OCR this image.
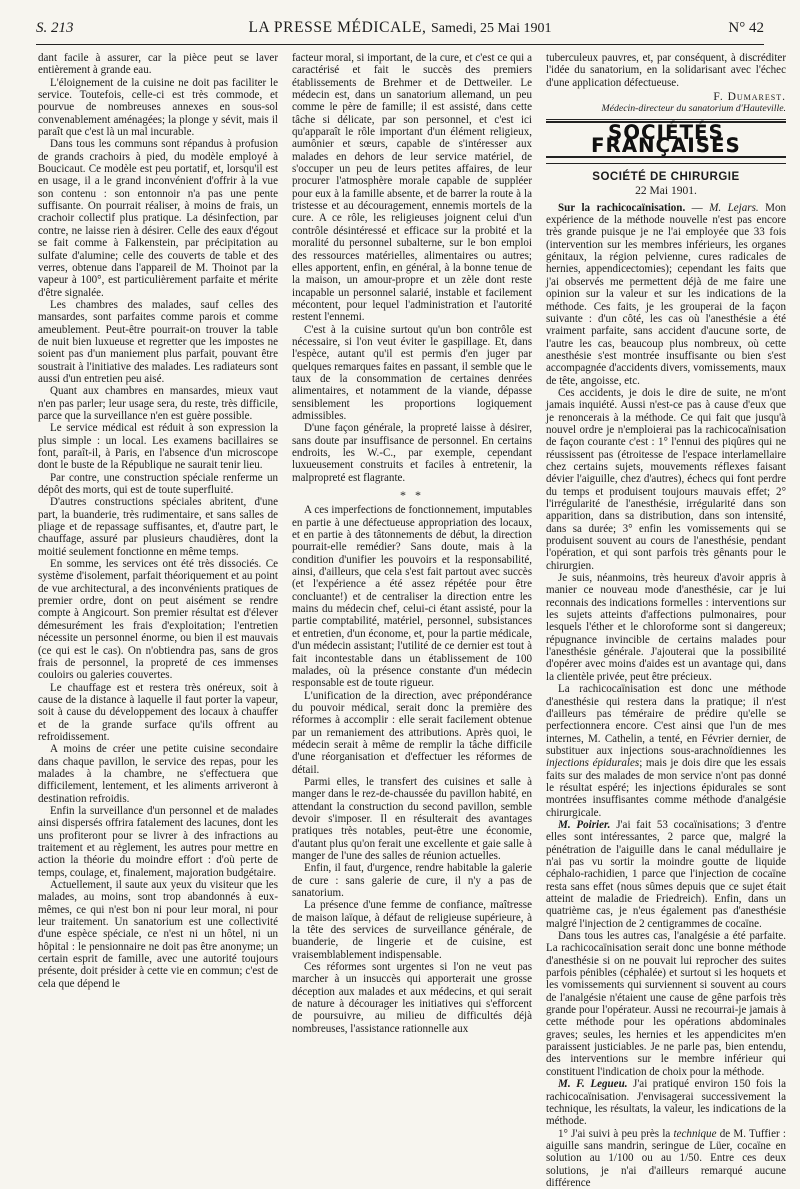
S. 213	LA PRESSE MÉDICALE, Samedi, 25 Mai 1901	N° 42

dant facile à assurer, car la pièce peut se laver entièrement à grande eau.

L'éloignement de la cuisine ne doit pas faciliter le service. Toutefois, celle-ci est très commode, et pourvue de nombreuses annexes en sous-sol convenablement aménagées; la plonge y sévit, mais il paraît que c'est là un mal incurable.

Dans tous les communs sont répandus à profusion de grands crachoirs à pied, du modèle employé à Boucicaut. Ce modèle est peu portatif, et, lorsqu'il est en usage, il a le grand inconvénient d'offrir à la vue son contenu : son entonnoir n'a pas une pente suffisante. On pourrait réaliser, à moins de frais, un crachoir collectif plus pratique. La désinfection, par contre, ne laisse rien à désirer. Celle des eaux d'égout se fait comme à Falkenstein, par précipitation au sulfate d'alumine; celle des couverts de table et des verres, obtenue dans l'appareil de M. Thoinot par la vapeur à 100°, est particulièrement parfaite et mérite d'être signalée.

Les chambres des malades, sauf celles des mansardes, sont parfaites comme parois et comme ameublement. Peut-être pourrait-on trouver la table de nuit bien luxueuse et regretter que les impostes ne soient pas d'un maniement plus parfait, pouvant être soustrait à l'initiative des malades. Les radiateurs sont aussi d'un entretien peu aisé.

Quant aux chambres en mansardes, mieux vaut n'en pas parler; leur usage sera, du reste, très difficile, parce que la surveillance n'en est guère possible.

Le service médical est réduit à son expression la plus simple : un local. Les examens bacillaires se font, paraît-il, à Paris, en l'absence d'un microscope dont le buste de la République ne saurait tenir lieu.

Par contre, une construction spéciale renferme un dépôt des morts, qui est de toute superfluité.

D'autres constructions spéciales abritent, d'une part, la buanderie, très rudimentaire, et sans salles de pliage et de repassage suffisantes, et, d'autre part, le chauffage, assuré par plusieurs chaudières, dont la moitié seulement fonctionne en même temps.

En somme, les services ont été très dissociés. Ce système d'isolement, parfait théoriquement et au point de vue architectural, a des inconvénients pratiques de premier ordre, dont on peut aisément se rendre compte à Angicourt. Son premier résultat est d'élever démesurément les frais d'exploitation; l'entretien nécessite un personnel énorme, ou bien il est mauvais (ce qui est le cas). On n'obtiendra pas, sans de gros frais de personnel, la propreté de ces immenses couloirs ou galeries couvertes.

Le chauffage est et restera très onéreux, soit à cause de la distance à laquelle il faut porter la vapeur, soit à cause du développement des locaux à chauffer et de la grande surface qu'ils offrent au refroidissement.

A moins de créer une petite cuisine secondaire dans chaque pavillon, le service des repas, pour les malades à la chambre, ne s'effectuera que difficilement, lentement, et les aliments arriveront à destination refroidis.

Enfin la surveillance d'un personnel et de malades ainsi dispersés offrira fatalement des lacunes, dont les uns profiteront pour se livrer à des infractions au traitement et au règlement, les autres pour mettre en action la théorie du moindre effort : d'où perte de temps, coulage, et, finalement, majoration budgétaire.

Actuellement, il saute aux yeux du visiteur que les malades, au moins, sont trop abandonnés à eux-mêmes, ce qui n'est bon ni pour leur moral, ni pour leur traitement. Un sanatorium est une collectivité d'une espèce spéciale, ce n'est ni un hôtel, ni un hôpital : le pensionnaire ne doit pas être anonyme; un certain esprit de famille, avec une autorité toujours présente, doit présider à cette vie en commun; c'est de cela que dépend le

facteur moral, si important, de la cure, et c'est ce qui a caractérisé et fait le succès des premiers établissements de Brehmer et de Dettweiler. Le médecin est, dans un sanatorium allemand, un peu comme le père de famille; il est assisté, dans cette tâche si délicate, par son personnel, et c'est ici qu'apparaît le rôle important d'un élément religieux, aumônier et sœurs, capable de s'intéresser aux malades en dehors de leur service matériel, de s'occuper un peu de leurs petites affaires, de leur procurer l'atmosphère morale capable de suppléer pour eux à la famille absente, et de barrer la route à la tristesse et au découragement, ennemis mortels de la cure. A ce rôle, les religieuses joignent celui d'un contrôle désintéressé et efficace sur la probité et la moralité du personnel subalterne, sur le bon emploi des ressources matérielles, alimentaires ou autres; elles apportent, enfin, en général, à la bonne tenue de la maison, un amour-propre et un zèle dont reste incapable un personnel salarié, instable et facilement mécontent, pour lequel l'administration et l'autorité restent l'ennemi.

C'est à la cuisine surtout qu'un bon contrôle est nécessaire, si l'on veut éviter le gaspillage. Et, dans l'espèce, autant qu'il est permis d'en juger par quelques remarques faites en passant, il semble que le taux de la consommation de certaines denrées alimentaires, et notamment de la viande, dépasse sensiblement les proportions logiquement admissibles.

D'une façon générale, la propreté laisse à désirer, sans doute par insuffisance de personnel. En certains endroits, les W.-C., par exemple, cependant luxueusement construits et faciles à entretenir, la malpropreté est flagrante.

* *

A ces imperfections de fonctionnement, imputables en partie à une défectueuse appropriation des locaux, et en partie à des tâtonnements de début, la direction pourrait-elle remédier? Sans doute, mais à la condition d'unifier les pouvoirs et la responsabilité, ainsi, d'ailleurs, que cela s'est fait partout avec succès (et l'expérience a été assez répétée pour être concluante!) et de centraliser la direction entre les mains du médecin chef, celui-ci étant assisté, pour la partie comptabilité, matériel, personnel, subsistances et entretien, d'un économe, et, pour la partie médicale, d'un médecin assistant; l'utilité de ce dernier est tout à fait incontestable dans un établissement de 100 malades, où la présence constante d'un médecin responsable est de toute rigueur.

L'unification de la direction, avec prépondérance du pouvoir médical, serait donc la première des réformes à accomplir : elle serait facilement obtenue par un remaniement des attributions. Après quoi, le médecin serait à même de remplir la tâche difficile d'une réorganisation et d'effectuer les réformes de détail.

Parmi elles, le transfert des cuisines et salle à manger dans le rez-de-chaussée du pavillon habité, en attendant la construction du second pavillon, semble devoir s'imposer. Il en résulterait des avantages pratiques très notables, peut-être une économie, d'autant plus qu'on ferait une excellente et gaie salle à manger de l'une des salles de réunion actuelles.

Enfin, il faut, d'urgence, rendre habitable la galerie de cure : sans galerie de cure, il n'y a pas de sanatorium.

La présence d'une femme de confiance, maîtresse de maison laïque, à défaut de religieuse supérieure, à la tête des services de surveillance générale, de buanderie, de lingerie et de cuisine, est vraisemblablement indispensable.

Ces réformes sont urgentes si l'on ne veut pas marcher à un insuccès qui apporterait une grosse déception aux malades et aux médecins, et qui serait de nature à décourager les initiatives qui s'efforcent de poursuivre, au milieu de difficultés déjà nombreuses, l'assistance rationnelle aux

tuberculeux pauvres, et, par conséquent, à discréditer l'idée du sanatorium, en la solidarisant avec l'échec d'une application défectueuse.

F. Dumarest.
Médecin-directeur du sanatorium d'Hauteville.
SOCIÉTÉS FRANÇAISES
SOCIÉTÉ DE CHIRURGIE
22 Mai 1901.

Sur la rachicocaïnisation. — M. Lejars. Mon expérience de la méthode nouvelle n'est pas encore très grande puisque je ne l'ai employée que 33 fois (intervention sur les membres inférieurs, les organes génitaux, la région pelvienne, cures radicales de hernies, appendicectomies); cependant les faits que j'ai observés me permettent déjà de me faire une opinion sur la valeur et sur les indications de la méthode. Ces faits, je les grouperai de la façon suivante : d'un côté, les cas où l'anesthésie a été vraiment parfaite, sans accident d'aucune sorte, de l'autre les cas, beaucoup plus nombreux, où cette anesthésie s'est montrée insuffisante ou bien s'est accompagnée d'accidents divers, vomissements, maux de tête, angoisse, etc.

Ces accidents, je dois le dire de suite, ne m'ont jamais inquiété. Aussi n'est-ce pas à cause d'eux que je renoncerais à la méthode. Ce qui fait que jusqu'à nouvel ordre je n'emploierai pas la rachicocaïnisation de façon courante c'est : 1° l'ennui des piqûres qui ne réussissent pas (étroitesse de l'espace interlamellaire chez certains sujets, mouvements réflexes faisant dévier l'aiguille, chez d'autres), échecs qui font perdre du temps et produisent toujours mauvais effet; 2° l'irrégularité de l'anesthésie, irrégularité dans son apparition, dans sa distribution, dans son intensité, dans sa durée; 3° enfin les vomissements qui se produisent souvent au cours de l'anesthésie, pendant l'opération, et qui sont parfois très gênants pour le chirurgien.

Je suis, néanmoins, très heureux d'avoir appris à manier ce nouveau mode d'anesthésie, car je lui reconnais des indications formelles : interventions sur les sujets atteints d'affections pulmonaires, pour lesquels l'éther et le chloroforme sont si dangereux; répugnance invincible de certains malades pour l'anesthésie générale. J'ajouterai que la possibilité d'opérer avec moins d'aides est un avantage qui, dans la clientèle privée, peut être précieux.

La rachicocaïnisation est donc une méthode d'anesthésie qui restera dans la pratique; il n'est d'ailleurs pas téméraire de prédire qu'elle se perfectionnera encore. C'est ainsi que l'un de mes internes, M. Cathelin, a tenté, en Février dernier, de substituer aux injections sous-arachnoïdiennes les injections épidurales; mais je dois dire que les essais faits sur des malades de mon service n'ont pas donné le résultat espéré; les injections épidurales se sont montrées insuffisantes comme méthode d'analgésie chirurgicale.

M. Poirier. J'ai fait 53 cocaïnisations; 3 d'entre elles sont intéressantes, 2 parce que, malgré la pénétration de l'aiguille dans le canal médullaire je n'ai pas vu sortir la moindre goutte de liquide céphalo-rachidien, 1 parce que l'injection de cocaïne resta sans effet (nous sûmes depuis que ce sujet était atteint de maladie de Friedreich). Enfin, dans un quatrième cas, je n'eus également pas d'anesthésie malgré l'injection de 2 centigrammes de cocaïne.

Dans tous les autres cas, l'analgésie a été parfaite. La rachicocaïnisation serait donc une bonne méthode d'anesthésie si on ne pouvait lui reprocher des suites parfois pénibles (céphalée) et surtout si les hoquets et les vomissements qui surviennent si souvent au cours de l'analgésie n'étaient une cause de gêne parfois très grande pour l'opérateur. Aussi ne recourrai-je jamais à cette méthode pour les opérations abdominales graves; seules, les hernies et les appendicites m'en paraissent justiciables. Je ne parle pas, bien entendu, des interventions sur le membre inférieur qui constituent l'indication de choix pour la méthode.

M. F. Legueu. J'ai pratiqué environ 150 fois la rachicocaïnisation. J'envisagerai successivement la technique, les résultats, la valeur, les indications de la méthode.

1° J'ai suivi à peu près la technique de M. Tuffier : aiguille sans mandrin, seringue de Lüer, cocaïne en solution au 1/100 ou au 1/50. Entre ces deux solutions, je n'ai d'ailleurs remarqué aucune différence
